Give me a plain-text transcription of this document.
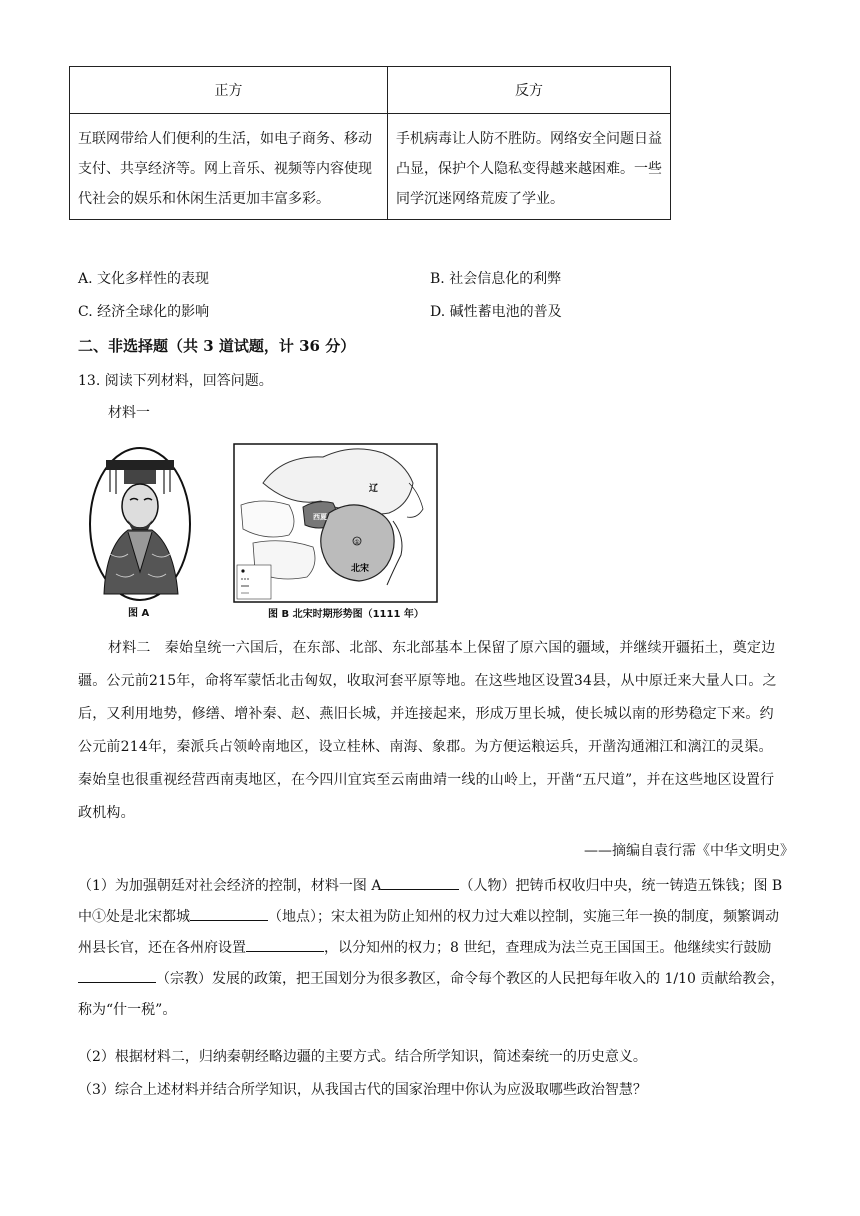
正方	反方
互联网带给人们便利的生活，如电子商务、移动支付、共享经济等。网上音乐、视频等内容使现代社会的娱乐和休闲生活更加丰富多彩。	手机病毒让人防不胜防。网络安全问题日益凸显，保护个人隐私变得越来越困难。一些同学沉迷网络荒废了学业。
A. 文化多样性的表现	B. 社会信息化的利弊
C. 经济全球化的影响	D. 碱性蓄电池的普及
二、非选择题（共 3 道试题，计 36 分）
13. 阅读下列材料，回答问题。
材料一
图 A
①
辽
西夏
北宋
图 B 北宋时期形势图（1111 年）
材料二　秦始皇统一六国后，在东部、北部、东北部基本上保留了原六国的疆域，并继续开疆拓土，奠定边疆。公元前215年，命将军蒙恬北击匈奴，收取河套平原等地。在这些地区设置34县，从中原迁来大量人口。之后，又利用地势，修缮、增补秦、赵、燕旧长城，并连接起来，形成万里长城，使长城以南的形势稳定下来。约公元前214年，秦派兵占领岭南地区，设立桂林、南海、象郡。为方便运粮运兵，开凿沟通湘江和漓江的灵渠。秦始皇也很重视经营西南夷地区，在今四川宜宾至云南曲靖一线的山岭上，开凿“五尺道”，并在这些地区设置行政机构。
——摘编自袁行霈《中华文明史》
（1）为加强朝廷对社会经济的控制，材料一图 A	（人物）把铸币权收归中央，统一铸造五铢钱；图 B 中①处是北宋都城	（地点）；宋太祖为防止知州的权力过大难以控制，实施三年一换的制度，频繁调动州县长官，还在各州府设置	，以分知州的权力；8 世纪，查理成为法兰克王国国王。他继续实行鼓励（宗教）发展的政策，把王国划分为很多教区，命令每个教区的人民把每年收入的 1/10 贡献给教会，称为“什一税”。
（2）根据材料二，归纳秦朝经略边疆的主要方式。结合所学知识，简述秦统一的历史意义。
（3）综合上述材料并结合所学知识，从我国古代的国家治理中你认为应汲取哪些政治智慧？
